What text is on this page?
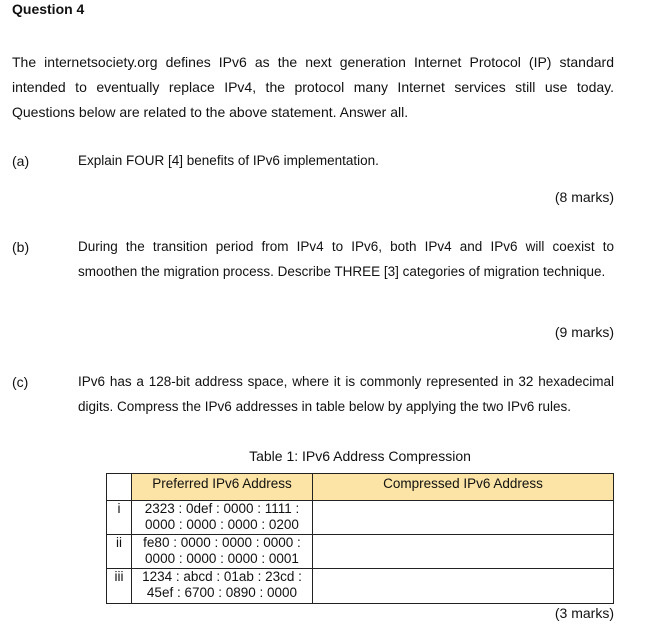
Question 4
The internetsociety.org defines IPv6 as the next generation Internet Protocol (IP) standard intended to eventually replace IPv4, the protocol many Internet services still use today. Questions below are related to the above statement. Answer all.
(a)	Explain FOUR [4] benefits of IPv6 implementation.
(8 marks)
(b)	During the transition period from IPv4 to IPv6, both IPv4 and IPv6 will coexist to smoothen the migration process. Describe THREE [3] categories of migration technique.
(9 marks)
(c)	IPv6 has a 128-bit address space, where it is commonly represented in 32 hexadecimal digits. Compress the IPv6 addresses in table below by applying the two IPv6 rules.
Table 1: IPv6 Address Compression
	Preferred IPv6 Address	Compressed IPv6 Address
i	2323 : 0def : 0000 : 1111 :
0000 : 0000 : 0000 : 0200	

ii	fe80 : 0000 : 0000 : 0000 :
0000 : 0000 : 0000 : 0001	

iii	1234 : abcd : 01ab : 23cd :
45ef : 6700 : 0890 : 0000	

(3 marks)
